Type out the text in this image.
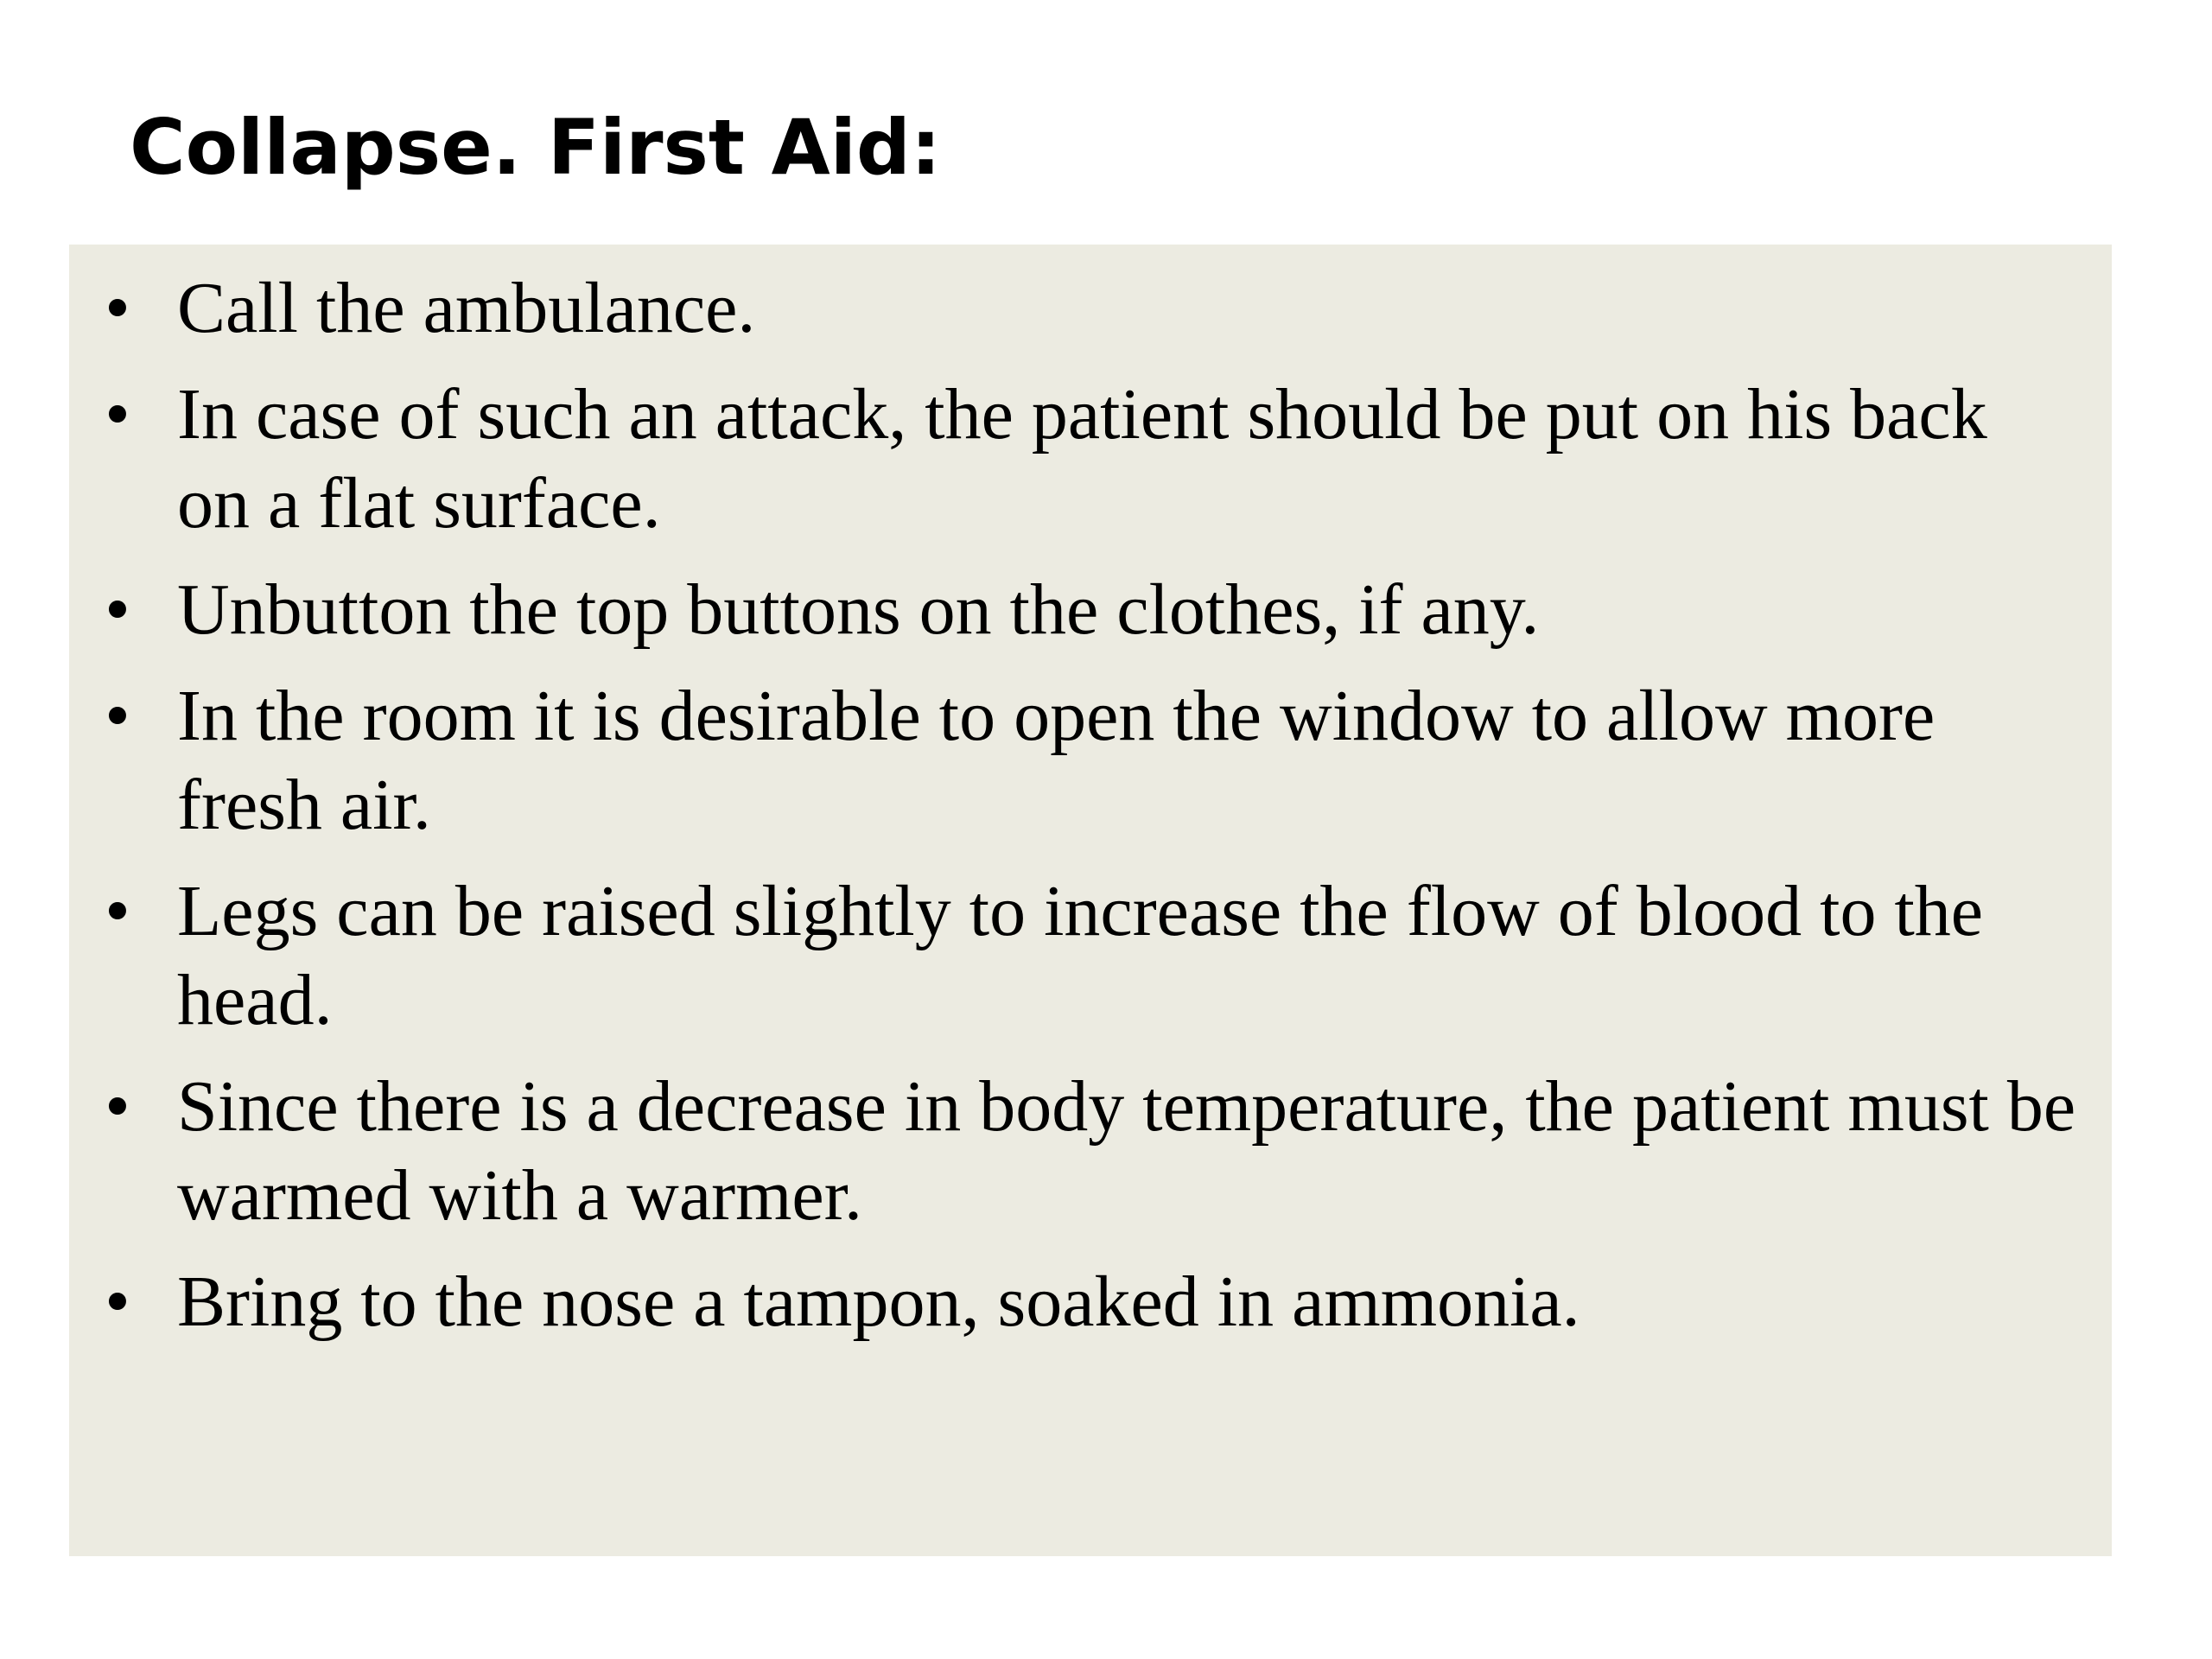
Collapse. First Aid:
• Call the ambulance.
• In case of such an attack, the patient should be put on his back on a flat surface.
• Unbutton the top buttons on the clothes, if any.
• In the room it is desirable to open the window to allow more fresh air.
• Legs can be raised slightly to increase the flow of blood to the head.
• Since there is a decrease in body temperature, the patient must be warmed with a warmer.
• Bring to the nose a tampon, soaked in ammonia.
